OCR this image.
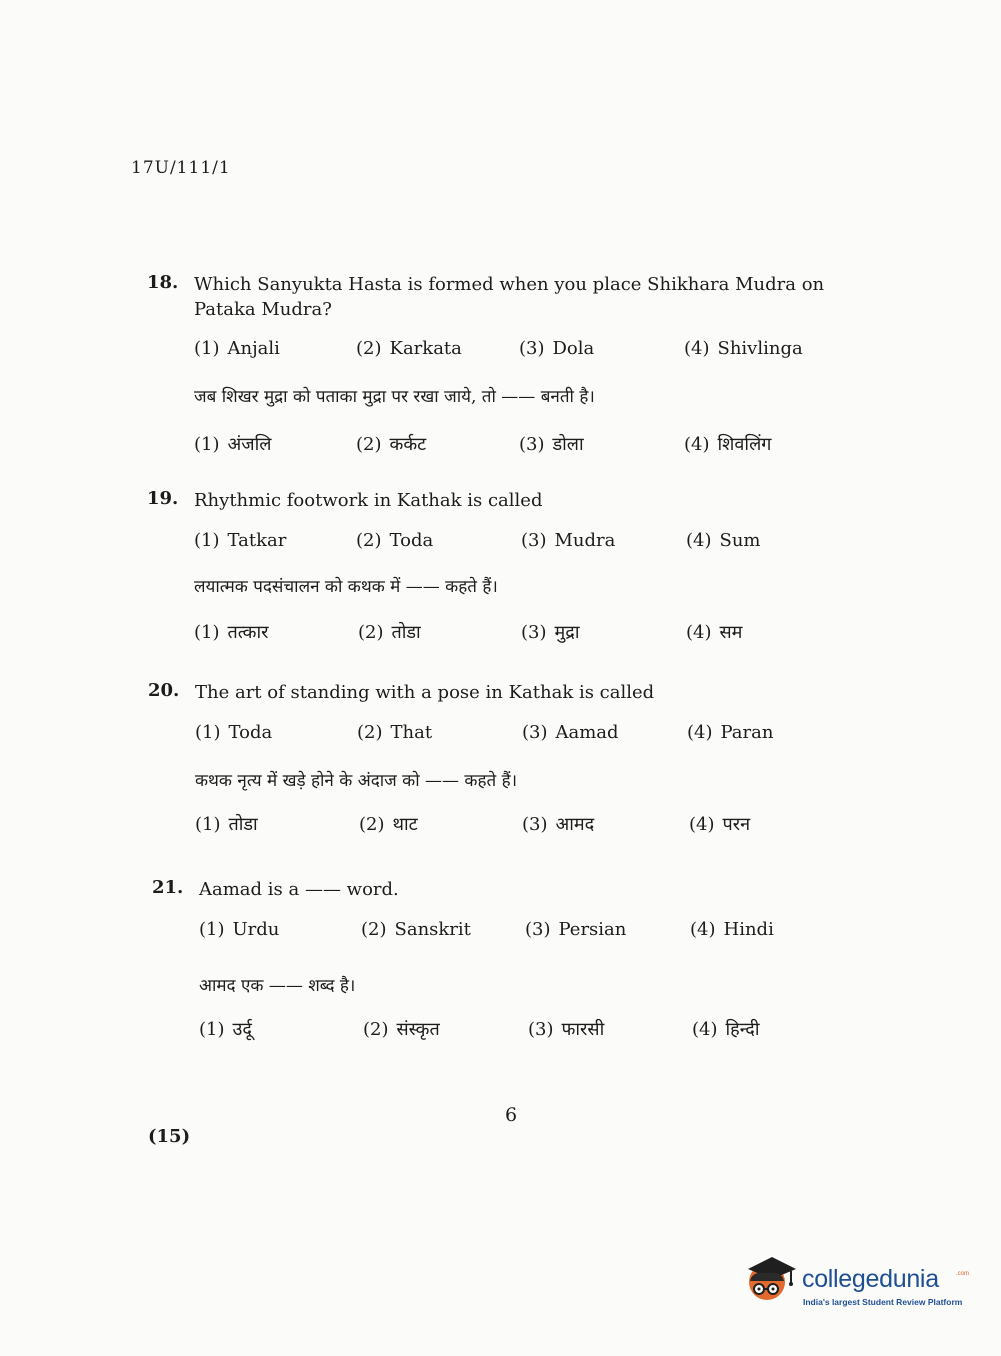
17U/111/1
18. Which Sanyukta Hasta is formed when you place Shikhara Mudra on Pataka Mudra?
(1) Anjali	(2) Karkata	(3) Dola	(4) Shivlinga
जब शिखर मुद्रा को पताका मुद्रा पर रखा जाये, तो —— बनती है।
(1) अंजलि	(2) कर्कट	(3) डोला	(4) शिवलिंग
19. Rhythmic footwork in Kathak is called
(1) Tatkar	(2) Toda	(3) Mudra	(4) Sum
लयात्मक पदसंचालन को कथक में —— कहते हैं।
(1) तत्कार	(2) तोडा	(3) मुद्रा	(4) सम
20. The art of standing with a pose in Kathak is called
(1) Toda	(2) That	(3) Aamad	(4) Paran
कथक नृत्य में खड़े होने के अंदाज को —— कहते हैं।
(1) तोडा	(2) थाट	(3) आमद	(4) परन
21. Aamad is a —— word.
(1) Urdu	(2) Sanskrit	(3) Persian	(4) Hindi
आमद एक —— शब्द है।
(1) उर्दू	(2) संस्कृत	(3) फारसी	(4) हिन्दी
6
(15)
collegedunia	.com
India's largest Student Review Platform
